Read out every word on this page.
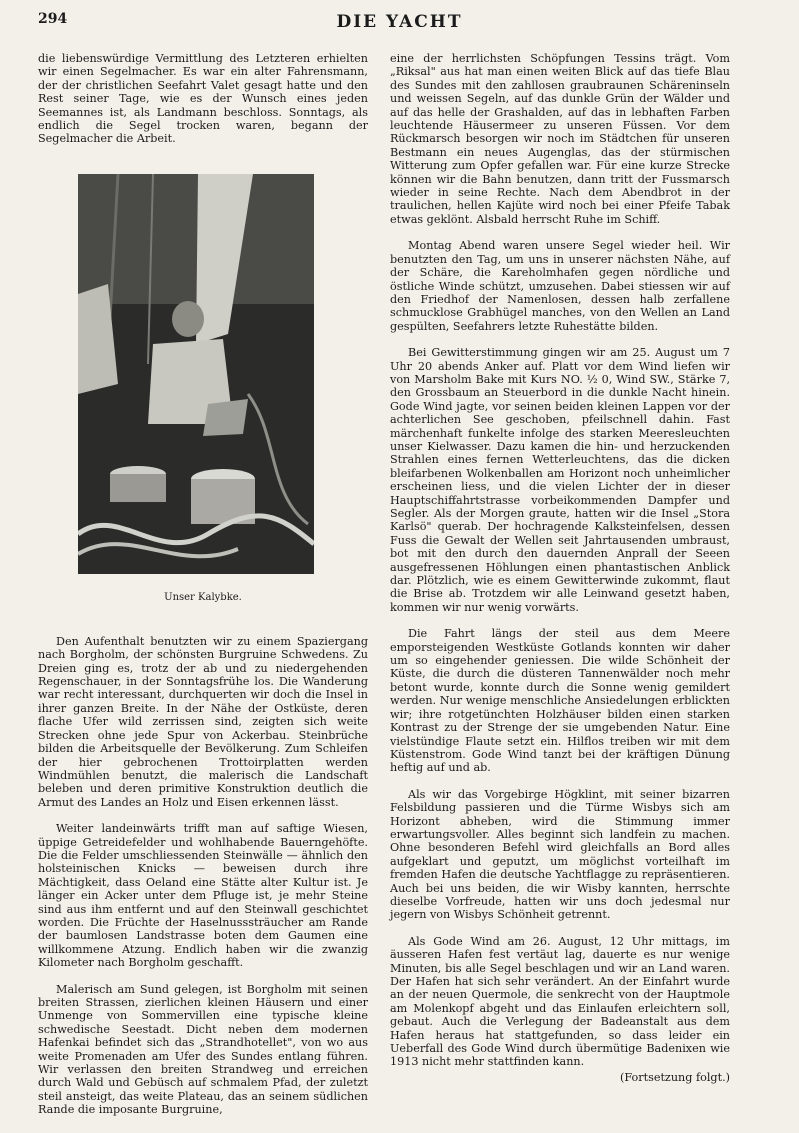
294	DIE YACHT

die liebenswürdige Vermittlung des Letzteren erhielten wir einen Segelmacher. Es war ein alter Fahrensmann, der der christlichen Seefahrt Valet gesagt hatte und den Rest seiner Tage, wie es der Wunsch eines jeden Seemannes ist, als Landmann beschloss. Sonntags, als endlich die Segel trocken waren, begann der Segelmacher die Arbeit.

Unser Kalybke.

Den Aufenthalt benutzten wir zu einem Spaziergang nach Borgholm, der schönsten Burgruine Schwedens. Zu Dreien ging es, trotz der ab und zu niedergehenden Regenschauer, in der Sonntagsfrühe los. Die Wanderung war recht interessant, durchquerten wir doch die Insel in ihrer ganzen Breite. In der Nähe der Ostküste, deren flache Ufer wild zerrissen sind, zeigten sich weite Strecken ohne jede Spur von Ackerbau. Steinbrüche bilden die Arbeitsquelle der Bevölkerung. Zum Schleifen der hier gebrochenen Trottoirplatten werden Windmühlen benutzt, die malerisch die Landschaft beleben und deren primitive Konstruktion deutlich die Armut des Landes an Holz und Eisen erkennen lässt.

Weiter landeinwärts trifft man auf saftige Wiesen, üppige Getreidefelder und wohlhabende Bauerngehöfte. Die die Felder umschliessenden Steinwälle — ähnlich den holsteinischen Knicks — beweisen durch ihre Mächtigkeit, dass Oeland eine Stätte alter Kultur ist. Je länger ein Acker unter dem Pfluge ist, je mehr Steine sind aus ihm entfernt und auf den Steinwall geschichtet worden. Die Früchte der Haselnusssträucher am Rande der baumlosen Landstrasse boten dem Gaumen eine willkommene Atzung. Endlich haben wir die zwanzig Kilometer nach Borgholm geschafft.

Malerisch am Sund gelegen, ist Borgholm mit seinen breiten Strassen, zierlichen kleinen Häusern und einer Unmenge von Sommervillen eine typische kleine schwedische Seestadt. Dicht neben dem modernen Hafenkai befindet sich das „Strandhotellet", von wo aus weite Promenaden am Ufer des Sundes entlang führen. Wir verlassen den breiten Strandweg und erreichen durch Wald und Gebüsch auf schmalem Pfad, der zuletzt steil ansteigt, das weite Plateau, das an seinem südlichen Rande die imposante Burgruine,

eine der herrlichsten Schöpfungen Tessins trägt. Vom „Riksal" aus hat man einen weiten Blick auf das tiefe Blau des Sundes mit den zahllosen graubraunen Schäreninseln und weissen Segeln, auf das dunkle Grün der Wälder und auf das helle der Grashalden, auf das in lebhaften Farben leuchtende Häusermeer zu unseren Füssen. Vor dem Rückmarsch besorgen wir noch im Städtchen für unseren Bestmann ein neues Augenglas, das der stürmischen Witterung zum Opfer gefallen war. Für eine kurze Strecke können wir die Bahn benutzen, dann tritt der Fussmarsch wieder in seine Rechte. Nach dem Abendbrot in der traulichen, hellen Kajüte wird noch bei einer Pfeife Tabak etwas geklönt. Alsbald herrscht Ruhe im Schiff.

Montag Abend waren unsere Segel wieder heil. Wir benutzten den Tag, um uns in unserer nächsten Nähe, auf der Schäre, die Kareholmhafen gegen nördliche und östliche Winde schützt, umzusehen. Dabei stiessen wir auf den Friedhof der Namenlosen, dessen halb zerfallene schmucklose Grabhügel manches, von den Wellen an Land gespülten, Seefahrers letzte Ruhestätte bilden.

Bei Gewitterstimmung gingen wir am 25. August um 7 Uhr 20 abends Anker auf. Platt vor dem Wind liefen wir von Marsholm Bake mit Kurs NO. ½ 0, Wind SW., Stärke 7, den Grossbaum an Steuerbord in die dunkle Nacht hinein. Gode Wind jagte, vor seinen beiden kleinen Lappen vor der achterlichen See geschoben, pfeilschnell dahin. Fast märchenhaft funkelte infolge des starken Meeresleuchten unser Kielwasser. Dazu kamen die hin- und herzuckenden Strahlen eines fernen Wetterleuchtens, das die dicken bleifarbenen Wolkenballen am Horizont noch unheimlicher erscheinen liess, und die vielen Lichter der in dieser Hauptschiffahrtstrasse vorbeikommenden Dampfer und Segler. Als der Morgen graute, hatten wir die Insel „Stora Karlsö" querab. Der hochragende Kalksteinfelsen, dessen Fuss die Gewalt der Wellen seit Jahrtausenden umbraust, bot mit den durch den dauernden Anprall der Seeen ausgefressenen Höhlungen einen phantastischen Anblick dar. Plötzlich, wie es einem Gewitterwinde zukommt, flaut die Brise ab. Trotzdem wir alle Leinwand gesetzt haben, kommen wir nur wenig vorwärts.

Die Fahrt längs der steil aus dem Meere emporsteigenden Westküste Gotlands konnten wir daher um so eingehender geniessen. Die wilde Schönheit der Küste, die durch die düsteren Tannenwälder noch mehr betont wurde, konnte durch die Sonne wenig gemildert werden. Nur wenige menschliche Ansiedelungen erblickten wir; ihre rotgetünchten Holzhäuser bilden einen starken Kontrast zu der Strenge der sie umgebenden Natur. Eine vielstündige Flaute setzt ein. Hilflos treiben wir mit dem Küstenstrom. Gode Wind tanzt bei der kräftigen Dünung heftig auf und ab.

Als wir das Vorgebirge Högklint, mit seiner bizarren Felsbildung passieren und die Türme Wisbys sich am Horizont abheben, wird die Stimmung immer erwartungsvoller. Alles beginnt sich landfein zu machen. Ohne besonderen Befehl wird gleichfalls an Bord alles aufgeklart und geputzt, um möglichst vorteilhaft im fremden Hafen die deutsche Yachtflagge zu repräsentieren. Auch bei uns beiden, die wir Wisby kannten, herrschte dieselbe Vorfreude, hatten wir uns doch jedesmal nur jegern von Wisbys Schönheit getrennt.

Als Gode Wind am 26. August, 12 Uhr mittags, im äusseren Hafen fest vertäut lag, dauerte es nur wenige Minuten, bis alle Segel beschlagen und wir an Land waren. Der Hafen hat sich sehr verändert. An der Einfahrt wurde an der neuen Quermole, die senkrecht von der Hauptmole am Molenkopf abgeht und das Einlaufen erleichtern soll, gebaut. Auch die Verlegung der Badeanstalt aus dem Hafen heraus hat stattgefunden, so dass leider ein Ueberfall des Gode Wind durch übermütige Badenixen wie 1913 nicht mehr stattfinden kann.

(Fortsetzung folgt.)
